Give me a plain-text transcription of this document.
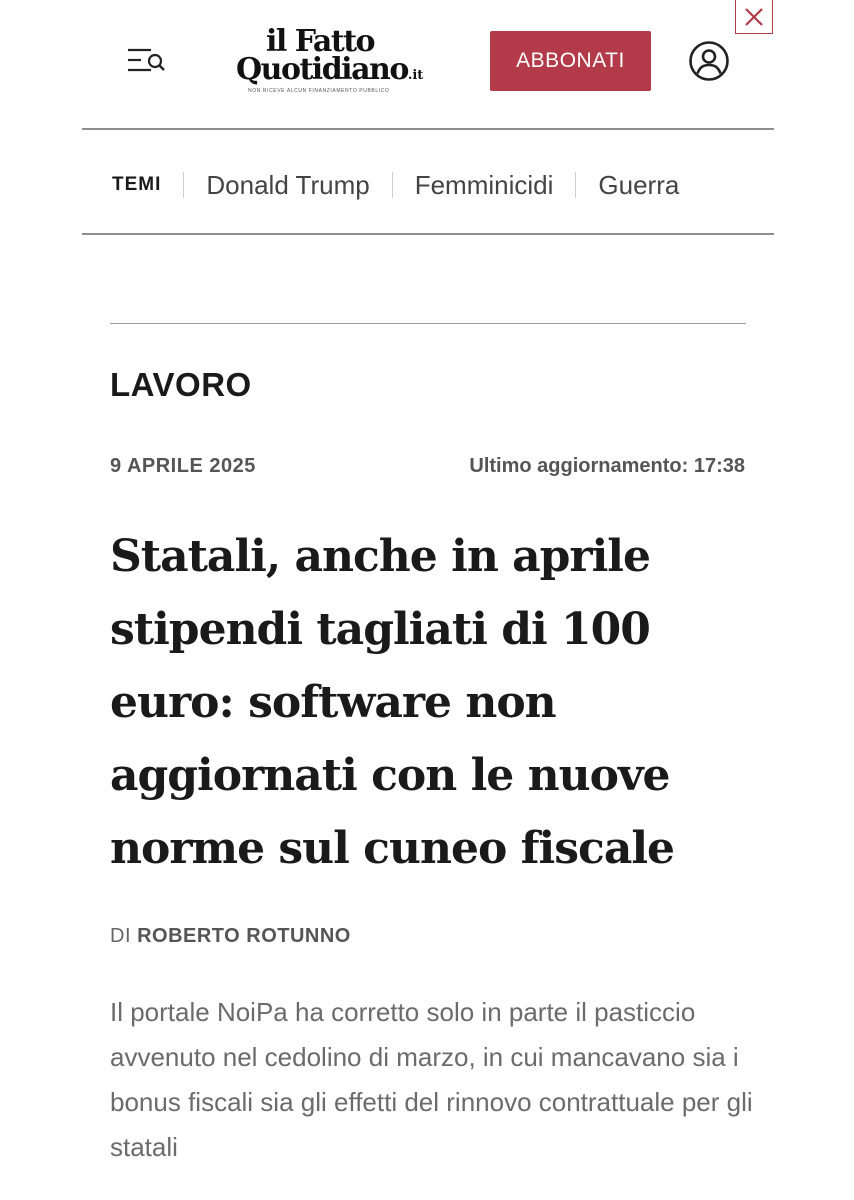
il Fatto
Quotidiano.it
NON RICEVE ALCUN FINANZIAMENTO PUBBLICO
ABBONATI
TEMI Donald Trump Femminicidi Guerra
LAVORO
9 APRILE 2025	Ultimo aggiornamento: 17:38
Statali, anche in aprile stipendi tagliati di 100 euro: software non aggiornati con le nuove norme sul cuneo fiscale
DI ROBERTO ROTUNNO

Il portale NoiPa ha corretto solo in parte il pasticcio avvenuto nel cedolino di marzo, in cui mancavano sia i bonus fiscali sia gli effetti del rinnovo contrattuale per gli statali
